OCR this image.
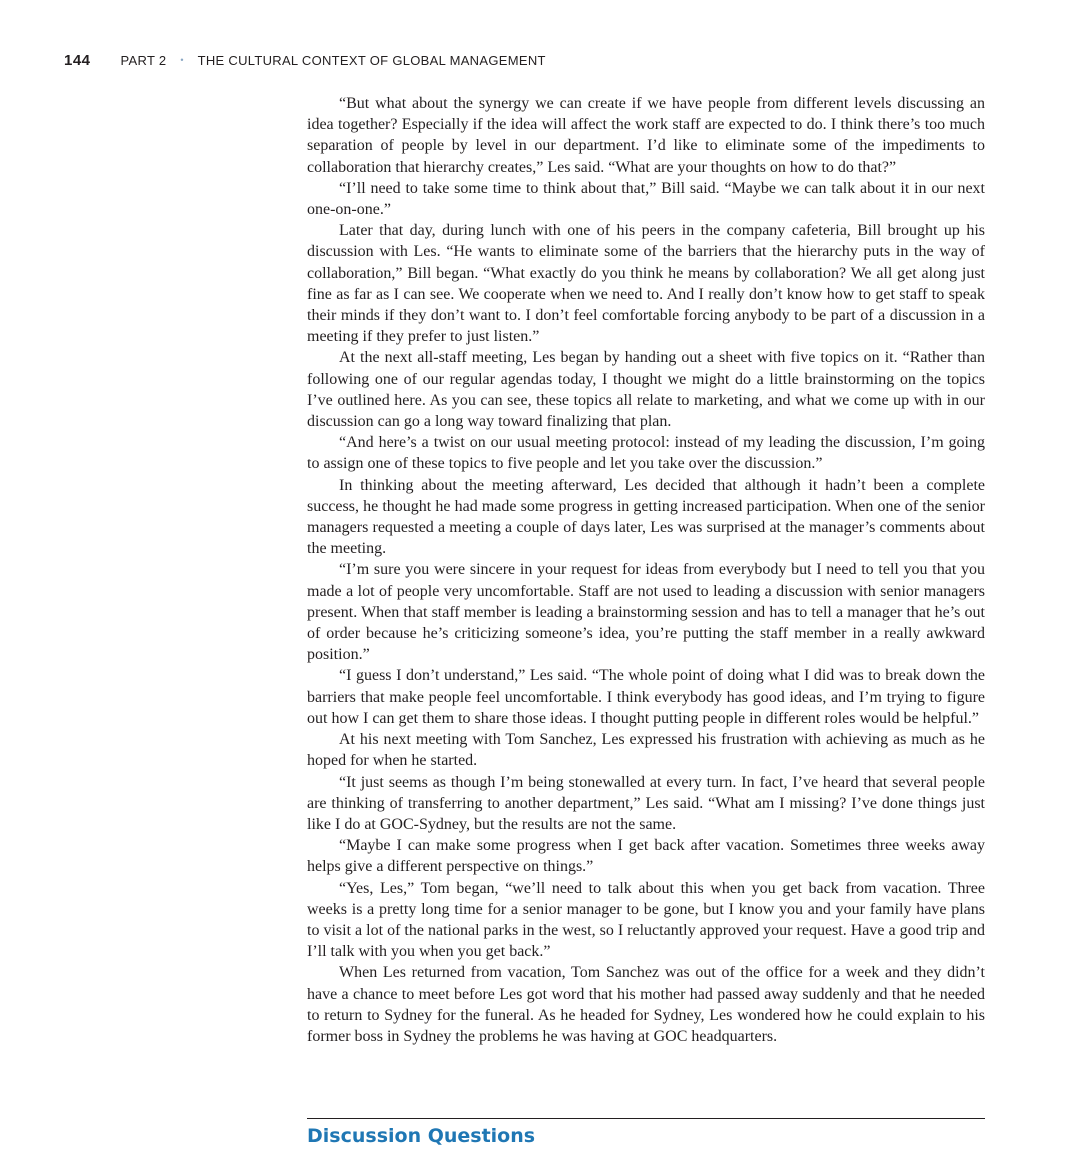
144 PART 2 • THE CULTURAL CONTEXT OF GLOBAL MANAGEMENT

“But what about the synergy we can create if we have people from different levels discussing an idea together? Especially if the idea will affect the work staff are expected to do. I think there’s too much separation of people by level in our department. I’d like to eliminate some of the impediments to collaboration that hierarchy creates,” Les said. “What are your thoughts on how to do that?”

“I’ll need to take some time to think about that,” Bill said. “Maybe we can talk about it in our next one-on-one.”

Later that day, during lunch with one of his peers in the company cafeteria, Bill brought up his discussion with Les. “He wants to eliminate some of the barriers that the hierarchy puts in the way of collaboration,” Bill began. “What exactly do you think he means by collaboration? We all get along just fine as far as I can see. We cooperate when we need to. And I really don’t know how to get staff to speak their minds if they don’t want to. I don’t feel comfortable forcing anybody to be part of a discussion in a meeting if they prefer to just listen.”

At the next all-staff meeting, Les began by handing out a sheet with five topics on it. “Rather than following one of our regular agendas today, I thought we might do a little brainstorming on the topics I’ve outlined here. As you can see, these topics all relate to marketing, and what we come up with in our discussion can go a long way toward finalizing that plan.

“And here’s a twist on our usual meeting protocol: instead of my leading the discussion, I’m going to assign one of these topics to five people and let you take over the discussion.”

In thinking about the meeting afterward, Les decided that although it hadn’t been a complete success, he thought he had made some progress in getting increased participation. When one of the senior managers requested a meeting a couple of days later, Les was surprised at the manager’s comments about the meeting.

“I’m sure you were sincere in your request for ideas from everybody but I need to tell you that you made a lot of people very uncomfortable. Staff are not used to leading a discussion with senior managers present. When that staff member is leading a brainstorming session and has to tell a manager that he’s out of order because he’s criticizing someone’s idea, you’re putting the staff member in a really awkward position.”

“I guess I don’t understand,” Les said. “The whole point of doing what I did was to break down the barriers that make people feel uncomfortable. I think everybody has good ideas, and I’m trying to figure out how I can get them to share those ideas. I thought putting people in different roles would be helpful.”

At his next meeting with Tom Sanchez, Les expressed his frustration with achieving as much as he hoped for when he started.

“It just seems as though I’m being stonewalled at every turn. In fact, I’ve heard that several people are thinking of transferring to another department,” Les said. “What am I missing? I’ve done things just like I do at GOC-Sydney, but the results are not the same.

“Maybe I can make some progress when I get back after vacation. Sometimes three weeks away helps give a different perspective on things.”

“Yes, Les,” Tom began, “we’ll need to talk about this when you get back from vacation. Three weeks is a pretty long time for a senior manager to be gone, but I know you and your family have plans to visit a lot of the national parks in the west, so I reluctantly approved your request. Have a good trip and I’ll talk with you when you get back.”

When Les returned from vacation, Tom Sanchez was out of the office for a week and they didn’t have a chance to meet before Les got word that his mother had passed away suddenly and that he needed to return to Sydney for the funeral. As he headed for Sydney, Les wondered how he could explain to his former boss in Sydney the problems he was having at GOC headquarters.

Discussion Questions
